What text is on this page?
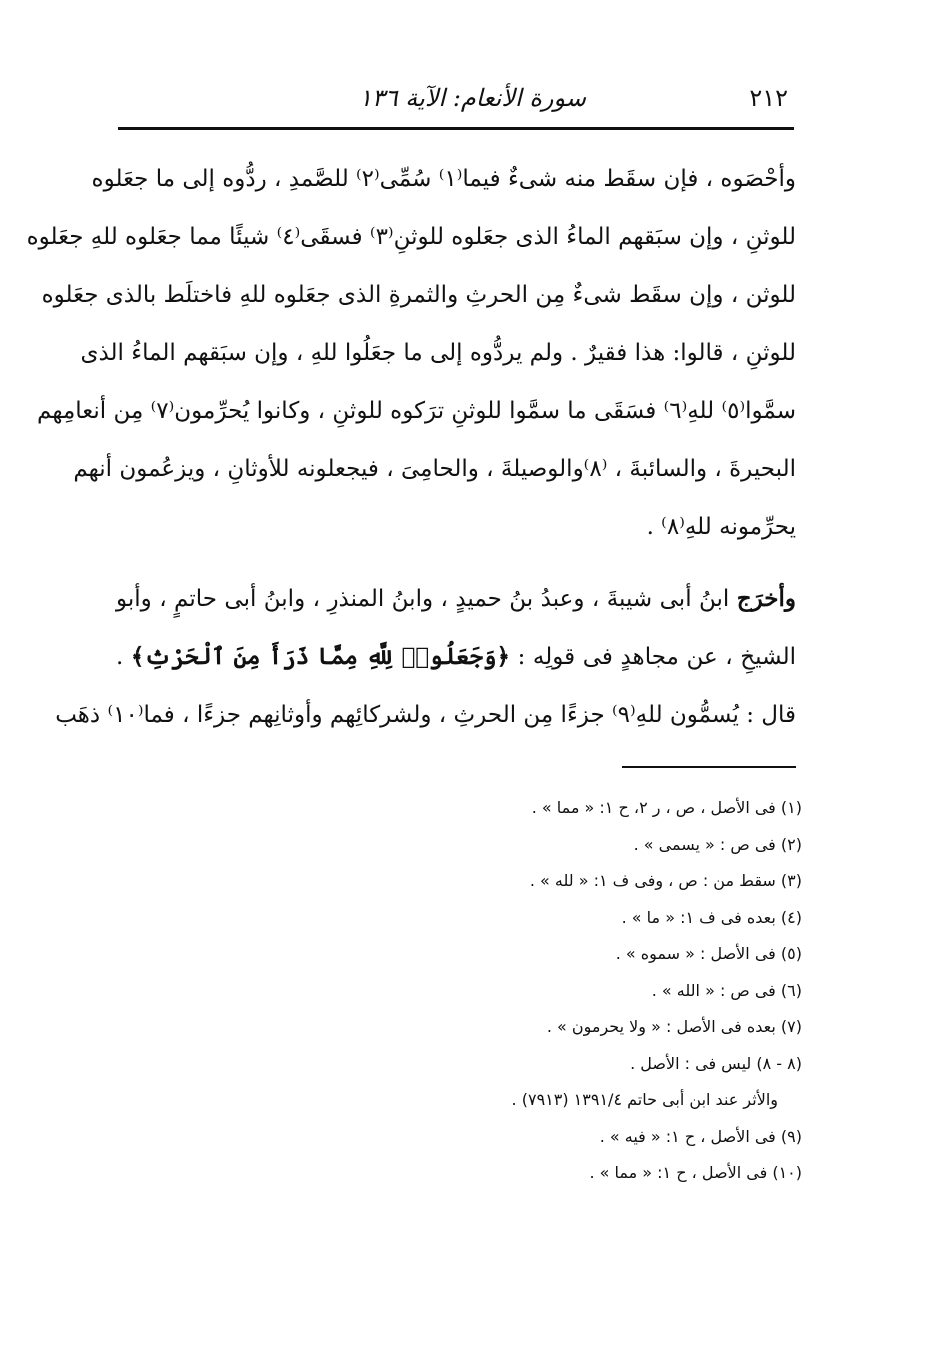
٢١٢
سورة الأنعام: الآية ١٣٦
وأحْصَوه ، فإن سقَط منه شىءٌ فيما⁽١⁾ سُمِّى⁽٢⁾ للصَّمدِ ، ردُّوه إلى ما جعَلوه
للوثنِ ، وإن سبَقهم الماءُ الذى جعَلوه للوثنِ⁽٣⁾ فسقَى⁽٤⁾ شيئًا مما جعَلوه للهِ جعَلوه
للوثن ، وإن سقَط شىءٌ مِن الحرثِ والثمرةِ الذى جعَلوه للهِ فاختلَط بالذى جعَلوه
للوثنِ ، قالوا: هذا فقيرٌ . ولم يردُّوه إلى ما جعَلُوا للهِ ، وإن سبَقهم الماءُ الذى
سمَّوا⁽٥⁾ للهِ⁽٦⁾ فسَقَى ما سمَّوا للوثنِ ترَكوه للوثنِ ، وكانوا يُحرِّمون⁽٧⁾ مِن أنعامِهم
البحيرةَ ، والسائبةَ ، ⁽٨⁾والوصيلةَ ، والحامِىَ ، فيجعلونه للأوثانِ ، ويزعُمون أنهم
يحرِّمونه للهِ⁽٨⁾ .
وأخرَج ابنُ أبى شيبةَ ، وعبدُ بنُ حميدٍ ، وابنُ المنذرِ ، وابنُ أبى حاتمٍ ، وأبو
الشيخِ ، عن مجاهدٍ فى قولِه : ﴿وَجَعَلُوا۟ لِلَّهِ مِمَّا ذَرَأَ مِنَ ٱلْحَرْثِ﴾ .
قال : يُسمُّون للهِ⁽٩⁾ جزءًا مِن الحرثِ ، ولشركائِهم وأوثانِهم جزءًا ، فما⁽١٠⁾ ذهَب
(١) فى الأصل ، ص ، ر ٢، ح ١: « مما » .
(٢) فى ص : « يسمى » .
(٣) سقط من : ص ، وفى ف ١: « لله » .
(٤) بعده فى ف ١: « ما » .
(٥) فى الأصل : « سموه » .
(٦) فى ص : « الله » .
(٧) بعده فى الأصل : « ولا يحرمون » .
(٨ - ٨) ليس فى : الأصل .
والأثر عند ابن أبى حاتم ١٣٩١/٤ (٧٩١٣) .
(٩) فى الأصل ، ح ١: « فيه » .
(١٠) فى الأصل ، ح ١: « مما » .
